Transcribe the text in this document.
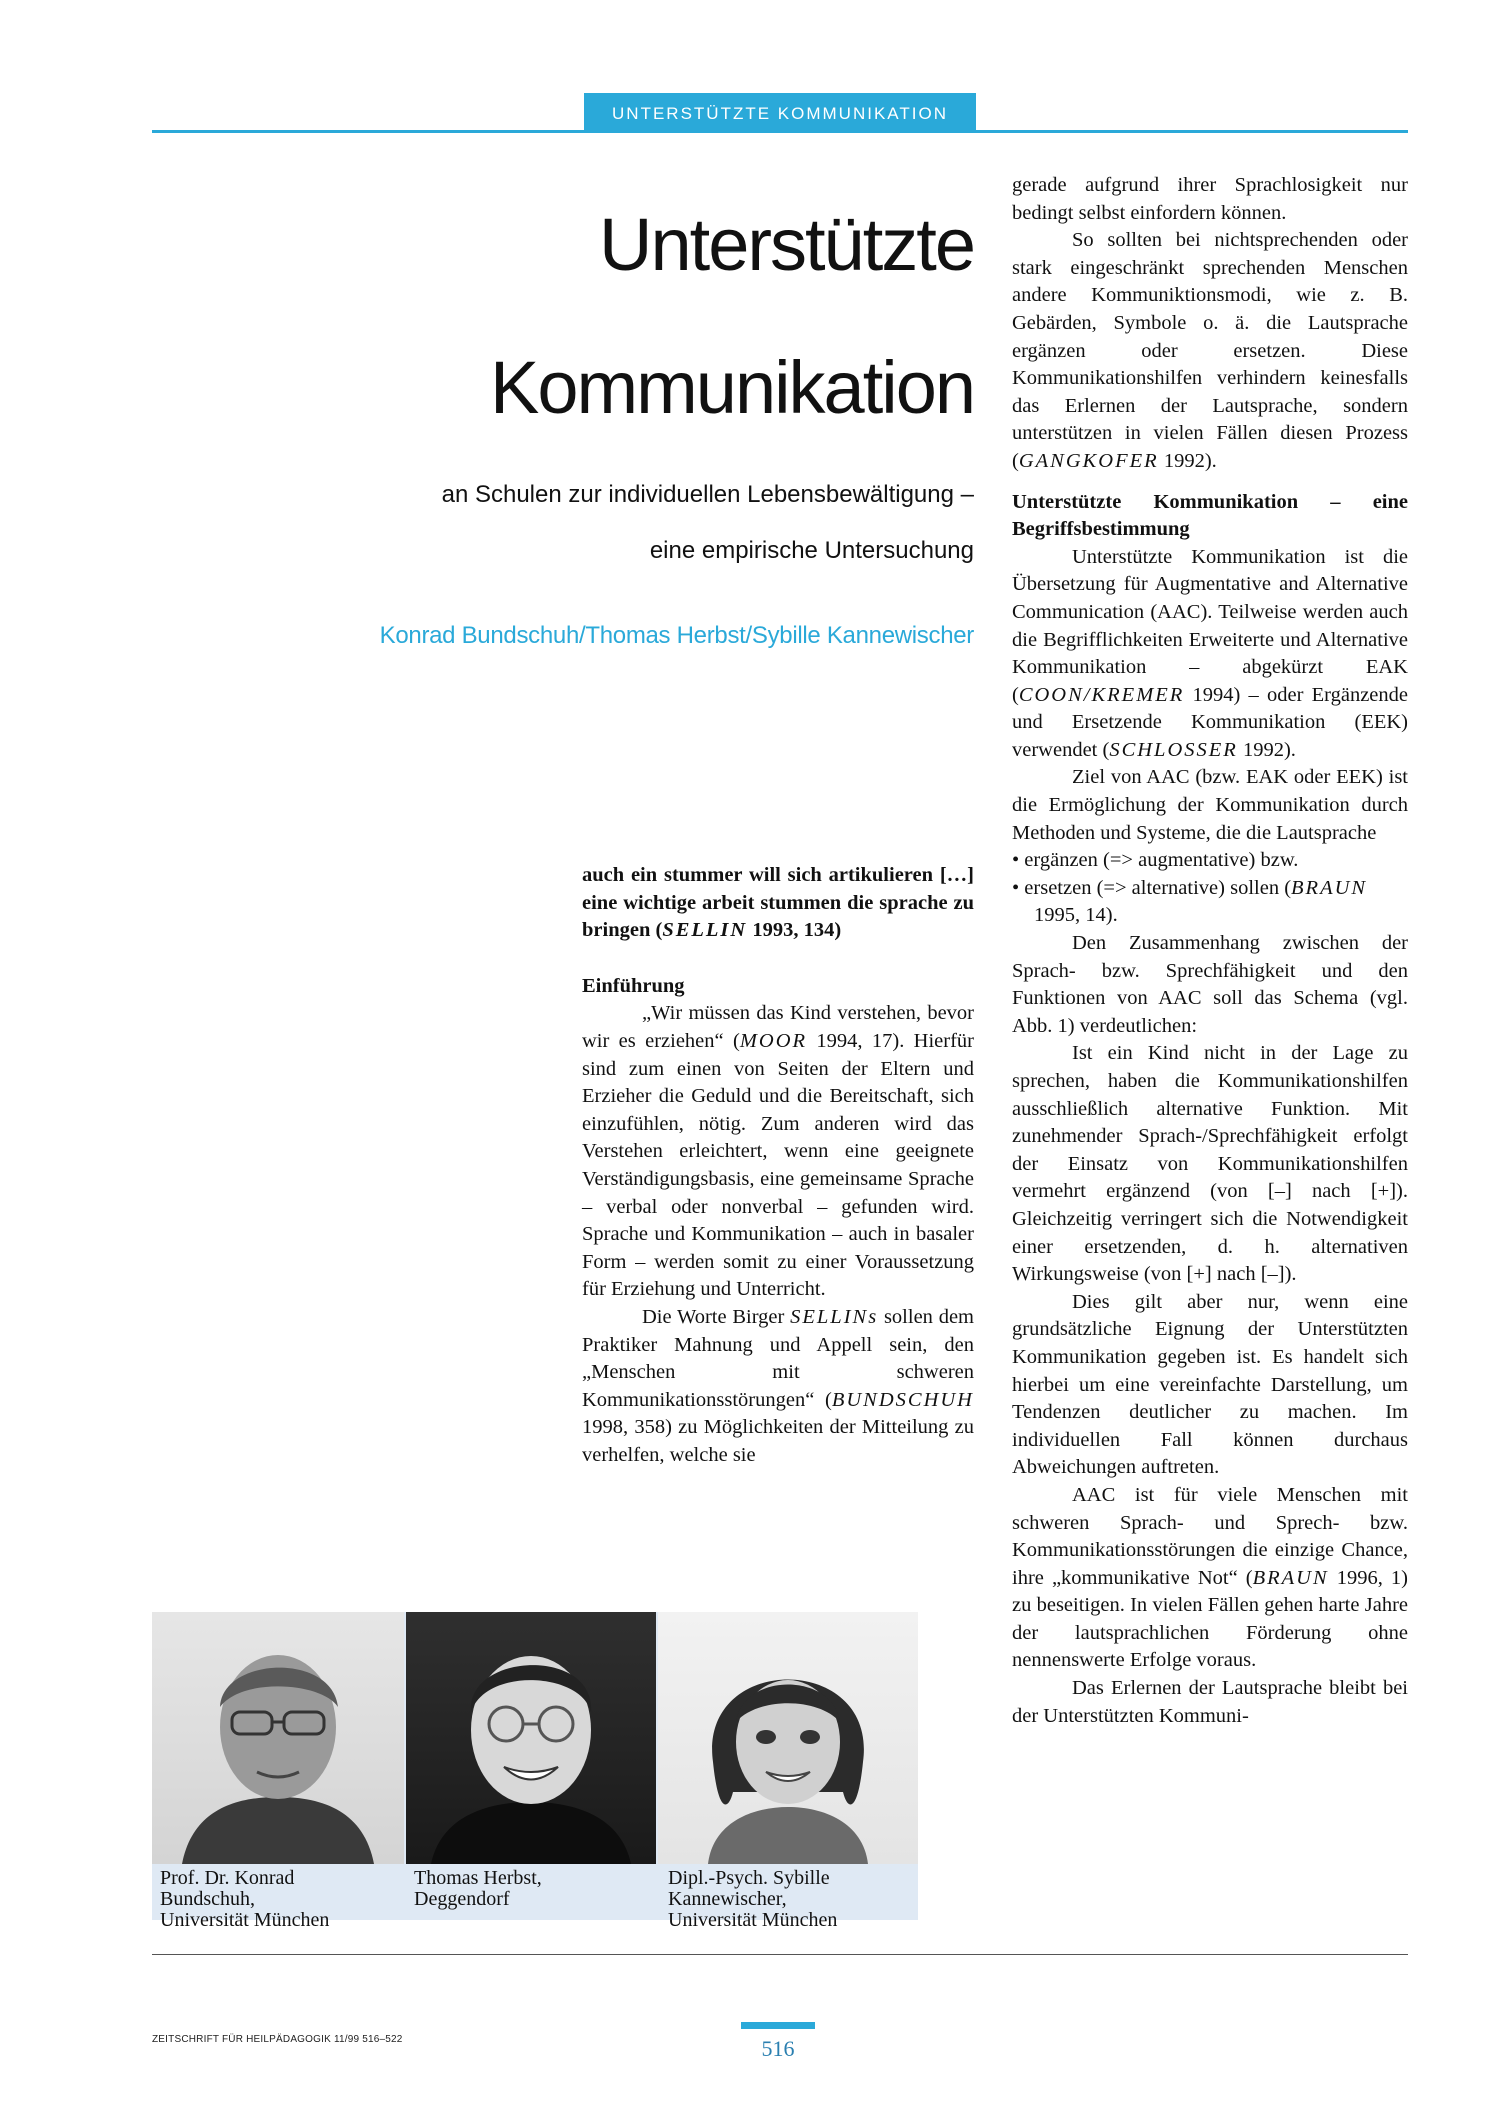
UNTERSTÜTZTE KOMMUNIKATION
Unterstützte
Kommunikation
an Schulen zur individuellen Lebensbewältigung –
eine empirische Untersuchung
Konrad Bundschuh/Thomas Herbst/Sybille Kannewischer

auch ein stummer will sich artikulieren […] eine wichtige arbeit stummen die sprache zu bringen (SELLIN 1993, 134)

Einführung

„Wir müssen das Kind verstehen, bevor wir es erziehen“ (MOOR 1994, 17). Hierfür sind zum einen von Seiten der Eltern und Erzieher die Geduld und die Bereitschaft, sich einzufühlen, nötig. Zum anderen wird das Verstehen erleichtert, wenn eine geeignete Verständigungsbasis, eine gemeinsame Sprache – verbal oder nonverbal – gefunden wird. Sprache und Kommunikation – auch in basaler Form – werden somit zu einer Voraussetzung für Erziehung und Unterricht.

Die Worte Birger SELLINs sollen dem Praktiker Mahnung und Appell sein, den „Menschen mit schweren Kommunikationsstörungen“ (BUNDSCHUH 1998, 358) zu Möglichkeiten der Mitteilung zu verhelfen, welche sie

gerade aufgrund ihrer Sprachlosigkeit nur bedingt selbst einfordern können.

So sollten bei nichtsprechenden oder stark eingeschränkt sprechenden Menschen andere Kommuniktionsmodi, wie z. B. Gebärden, Symbole o. ä. die Lautsprache ergänzen oder ersetzen. Diese Kommunikationshilfen verhindern keinesfalls das Erlernen der Lautsprache, sondern unterstützen in vielen Fällen diesen Prozess (GANGKOFER 1992).

Unterstützte Kommunikation – eine Begriffsbestimmung

Unterstützte Kommunikation ist die Übersetzung für Augmentative and Alternative Communication (AAC). Teilweise werden auch die Begrifflichkeiten Erweiterte und Alternative Kommunikation – abgekürzt EAK (COON/KREMER 1994) – oder Ergänzende und Ersetzende Kommunikation (EEK) verwendet (SCHLOSSER 1992).

Ziel von AAC (bzw. EAK oder EEK) ist die Ermöglichung der Kommunikation durch Methoden und Systeme, die die Lautsprache

• ergänzen (=> augmentative) bzw.

• ersetzen (=> alternative) sollen (BRAUN 1995, 14).

Den Zusammenhang zwischen der Sprach- bzw. Sprechfähigkeit und den Funktionen von AAC soll das Schema (vgl. Abb. 1) verdeutlichen:

Ist ein Kind nicht in der Lage zu sprechen, haben die Kommunikationshilfen ausschließlich alternative Funktion. Mit zunehmender Sprach-/Sprechfähigkeit erfolgt der Einsatz von Kommunikationshilfen vermehrt ergänzend (von [–] nach [+]). Gleichzeitig verringert sich die Notwendigkeit einer ersetzenden, d. h. alternativen Wirkungsweise (von [+] nach [–]).

Dies gilt aber nur, wenn eine grundsätzliche Eignung der Unterstützten Kommunikation gegeben ist. Es handelt sich hierbei um eine vereinfachte Darstellung, um Tendenzen deutlicher zu machen. Im individuellen Fall können durchaus Abweichungen auftreten.

AAC ist für viele Menschen mit schweren Sprach- und Sprech- bzw. Kommunikationsstörungen die einzige Chance, ihre „kommunikative Not“ (BRAUN 1996, 1) zu beseitigen. In vielen Fällen gehen harte Jahre der lautsprachlichen Förderung ohne nennenswerte Erfolge voraus.

Das Erlernen der Lautsprache bleibt bei der Unterstützten Kommuni-

Prof. Dr. Konrad
Bundschuh,
Universität München
Thomas Herbst,
Deggendorf
Dipl.-Psych. Sybille
Kannewischer,
Universität München
ZEITSCHRIFT FÜR HEILPÄDAGOGIK 11/99 516–522	516
